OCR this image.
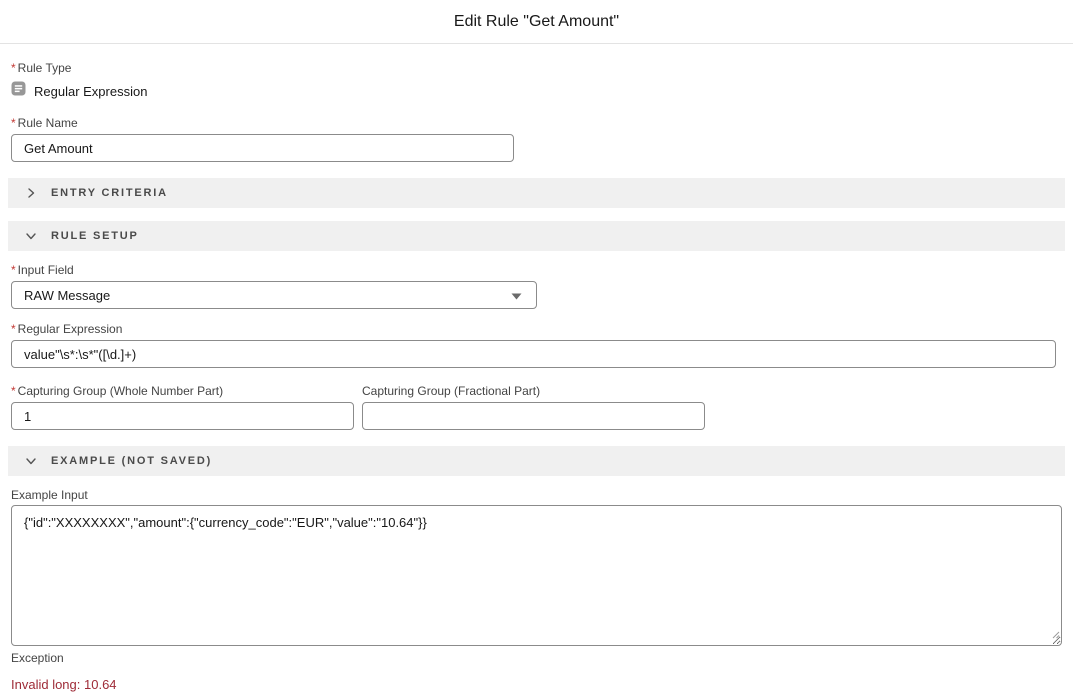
Edit Rule "Get Amount"
* Rule Type
Regular Expression
* Rule Name
Get Amount
ENTRY CRITERIA
RULE SETUP
* Input Field
RAW Message
* Regular Expression
value"\s*:\s*"([\d.]+)
* Capturing Group (Whole Number Part)
1	Capturing Group (Fractional Part)
EXAMPLE (NOT SAVED)
Example Input
{"id":"XXXXXXXX","amount":{"currency_code":"EUR","value":"10.64"}}
Exception
Invalid long: 10.64
